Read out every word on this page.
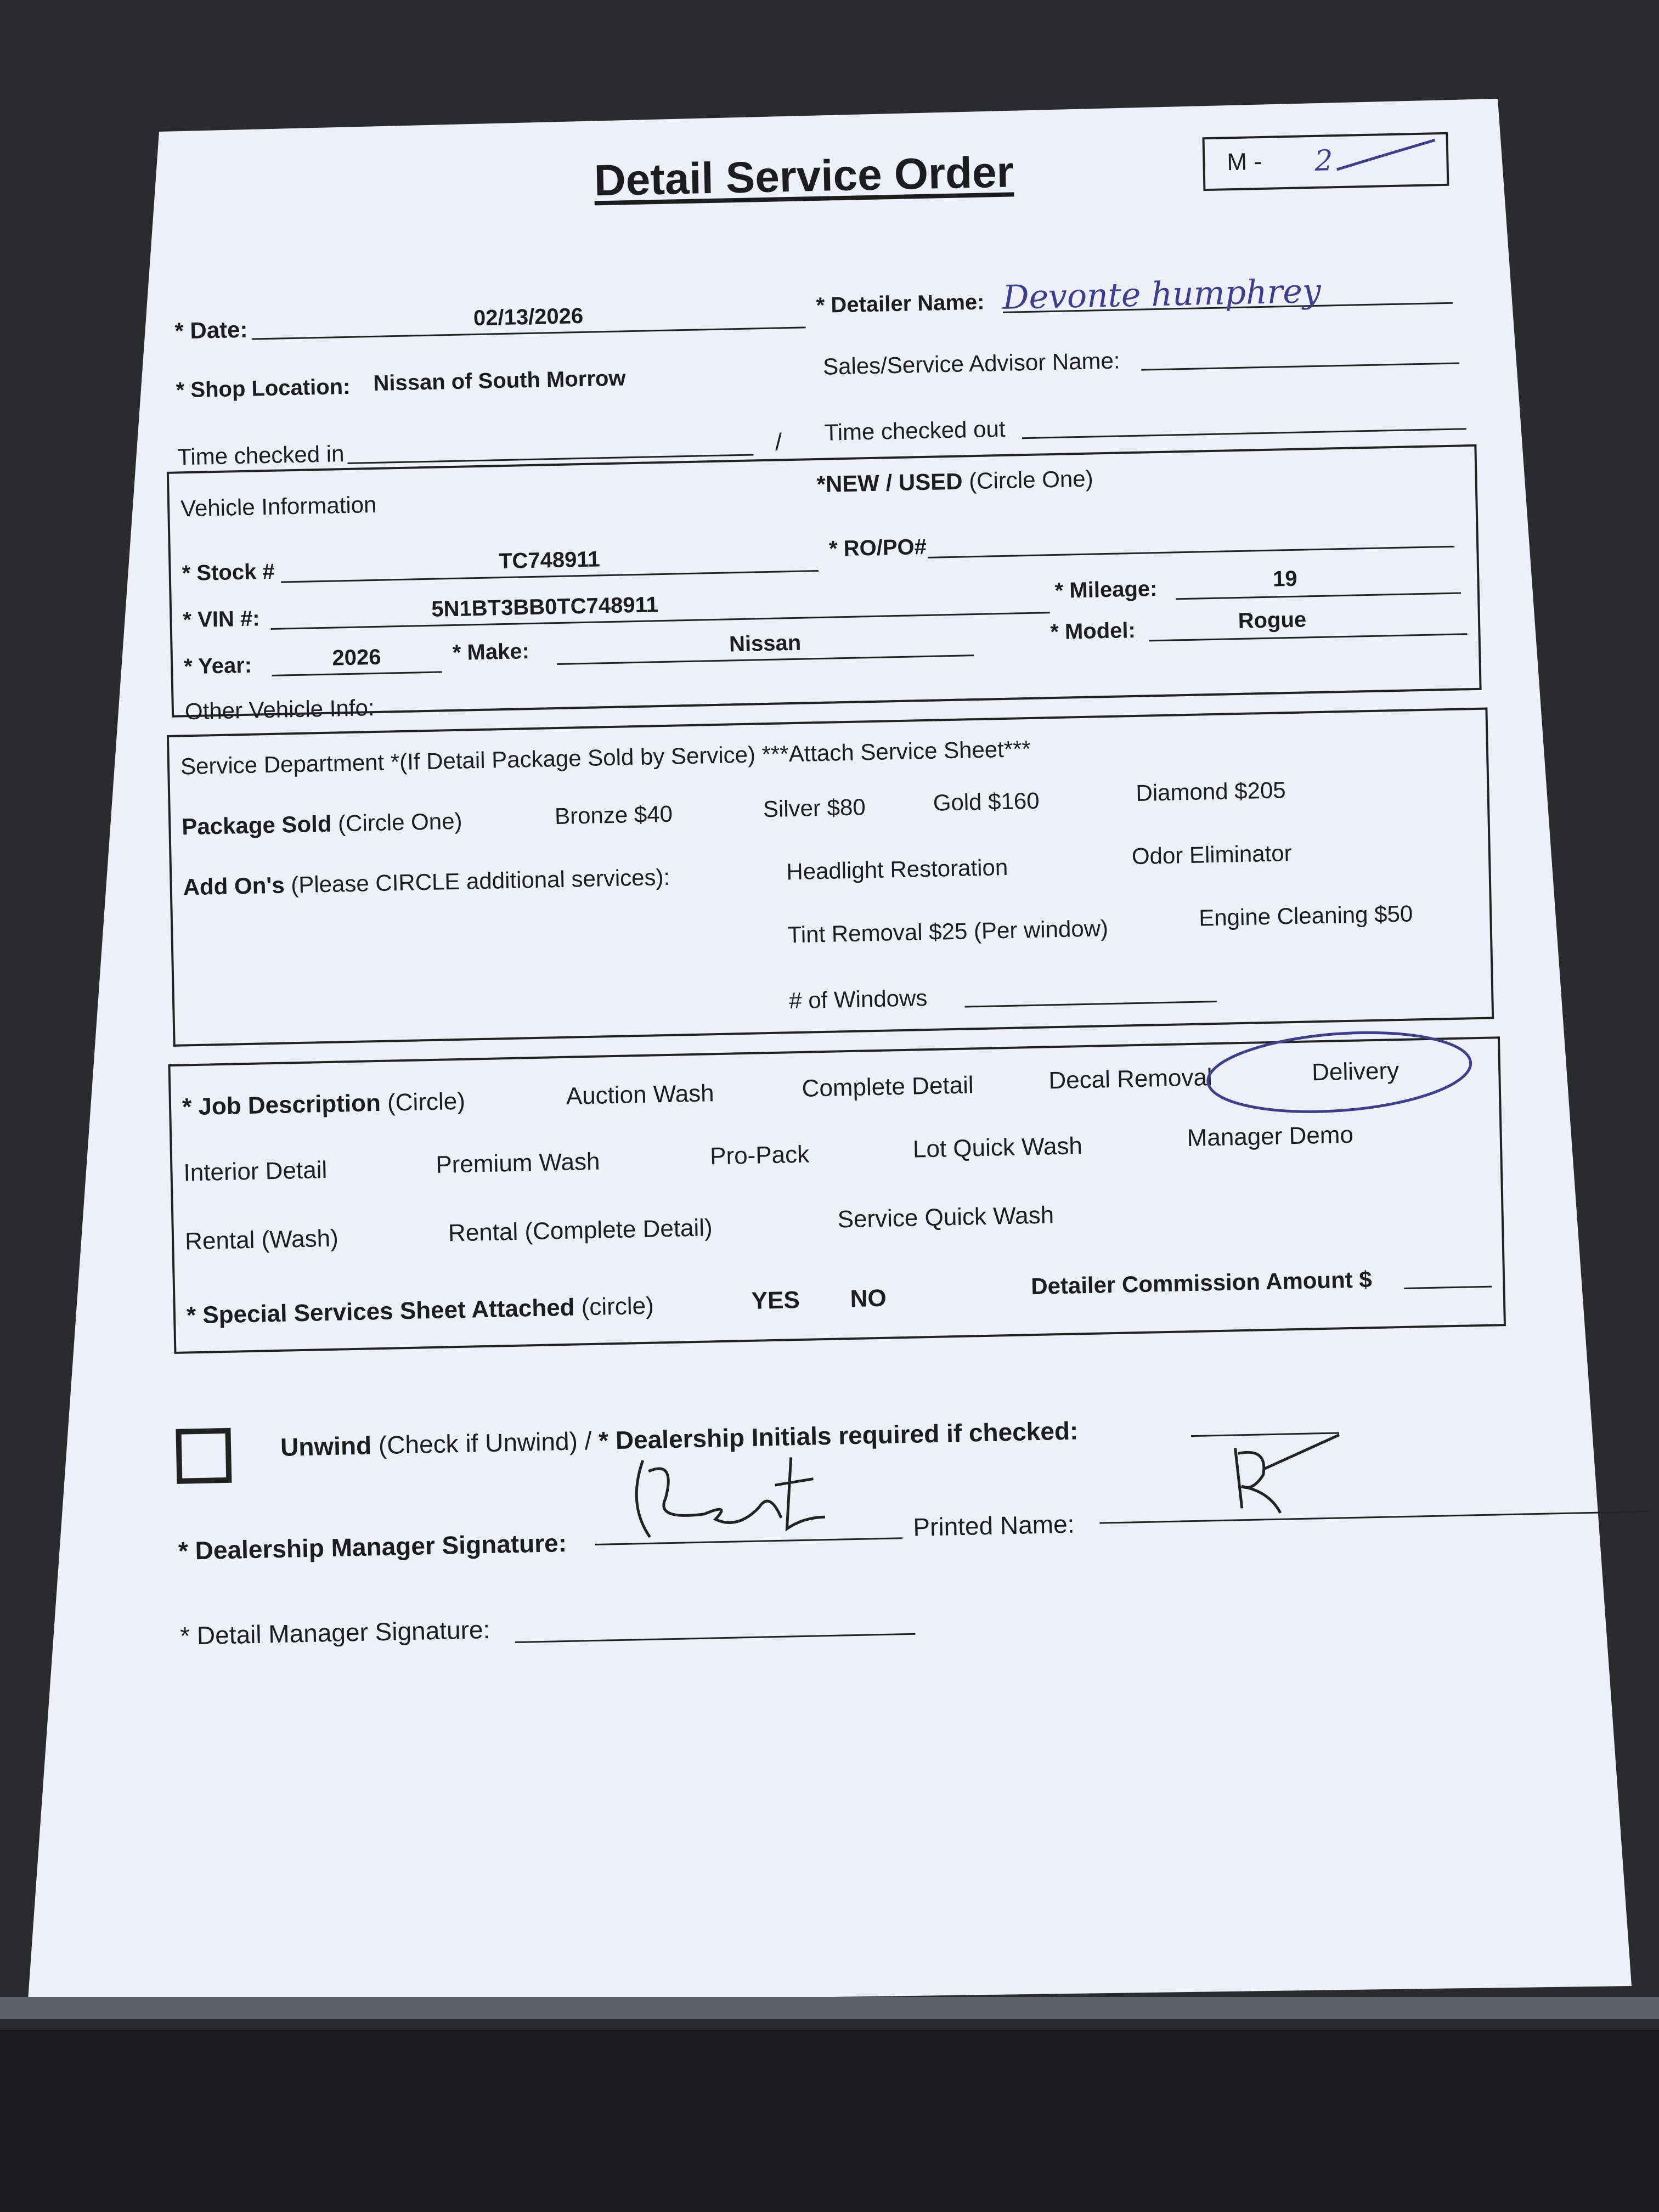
Detail Service Order	M - 2
* Date:	02/13/2026	* Detailer Name: Devonte humphrey
* Shop Location: Nissan of South Morrow
Sales/Service Advisor Name:
Time checked in	/ Time checked out
Vehicle Information
*NEW / USED (Circle One)
* Stock #	TC748911	* RO/PO#
* VIN #:	5N1BT3BB0TC748911
* Mileage:	19
* Year:	2026	* Make:	Nissan	* Model:	Rogue
Other Vehicle Info:
Service Department *(If Detail Package Sold by Service) ***Attach Service Sheet***
Package Sold (Circle One)	Bronze $40	Silver $80	Gold $160	Diamond $205
Add On's (Please CIRCLE additional services):	Headlight Restoration	Odor Eliminator
Tint Removal $25 (Per window)	Engine Cleaning $50
# of Windows
* Job Description (Circle)	Auction Wash	Complete Detail	Decal Removal	Delivery
Interior Detail	Premium Wash	Pro-Pack	Lot Quick Wash	Manager Demo
Rental (Wash)	Rental (Complete Detail)	Service Quick Wash
* Special Services Sheet Attached (circle)	YES NO	Detailer Commission Amount $
Unwind (Check if Unwind) / * Dealership Initials required if checked:
* Dealership Manager Signature:
Printed Name:
* Detail Manager Signature:
